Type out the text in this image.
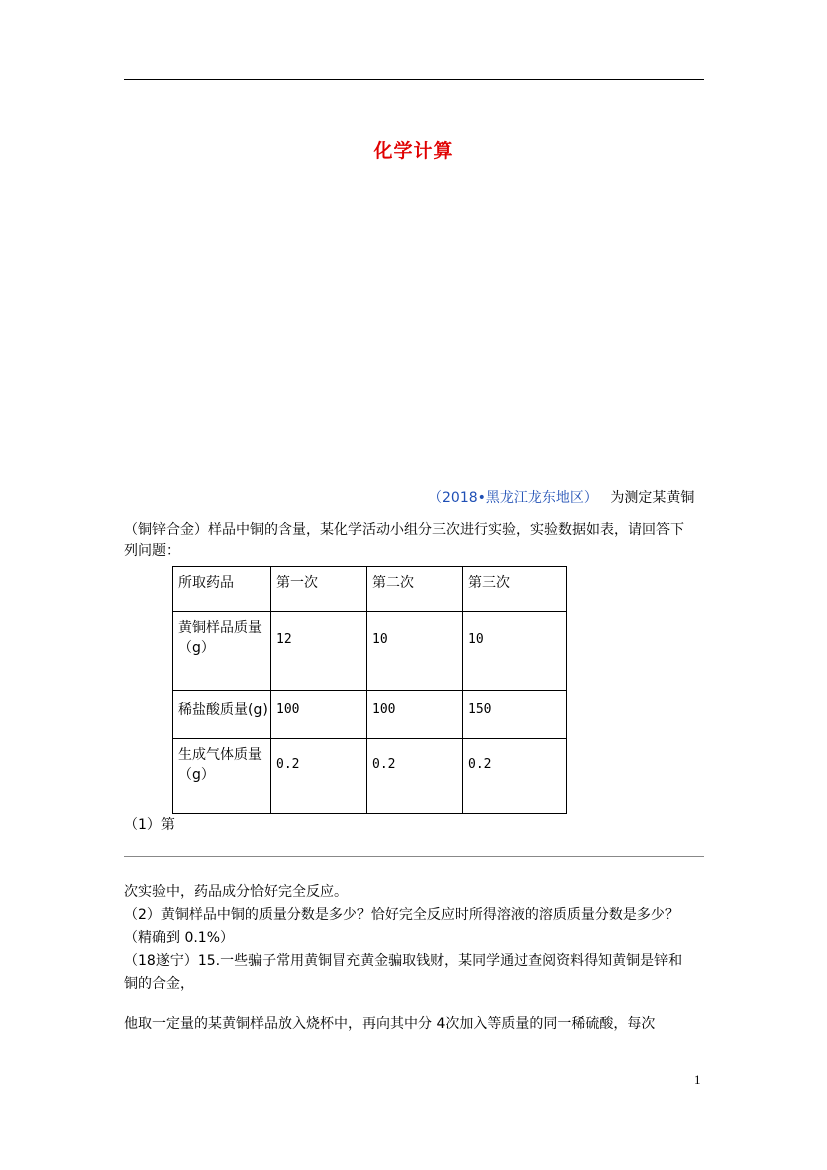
化学计算
（2018•黑龙江龙东地区） 为测定某黄铜
（铜锌合金）样品中铜的含量，某化学活动小组分三次进行实验，实验数据如表，请回答下
列问题：
所取药品	第一次	第二次	第三次

黄铜样品质量
（g）	12	10	10

稀盐酸质量(g)	100	100	150

生成气体质量
（g）	0.2	0.2	0.2
（1）第
次实验中，药品成分恰好完全反应。
（2）黄铜样品中铜的质量分数是多少？恰好完全反应时所得溶液的溶质质量分数是多少？
（精确到 0.1%）
（18遂宁）15.一些骗子常用黄铜冒充黄金骗取钱财，某同学通过查阅资料得知黄铜是锌和
铜的合金，
他取一定量的某黄铜样品放入烧杯中，再向其中分 4次加入等质量的同一稀硫酸，每次
1
